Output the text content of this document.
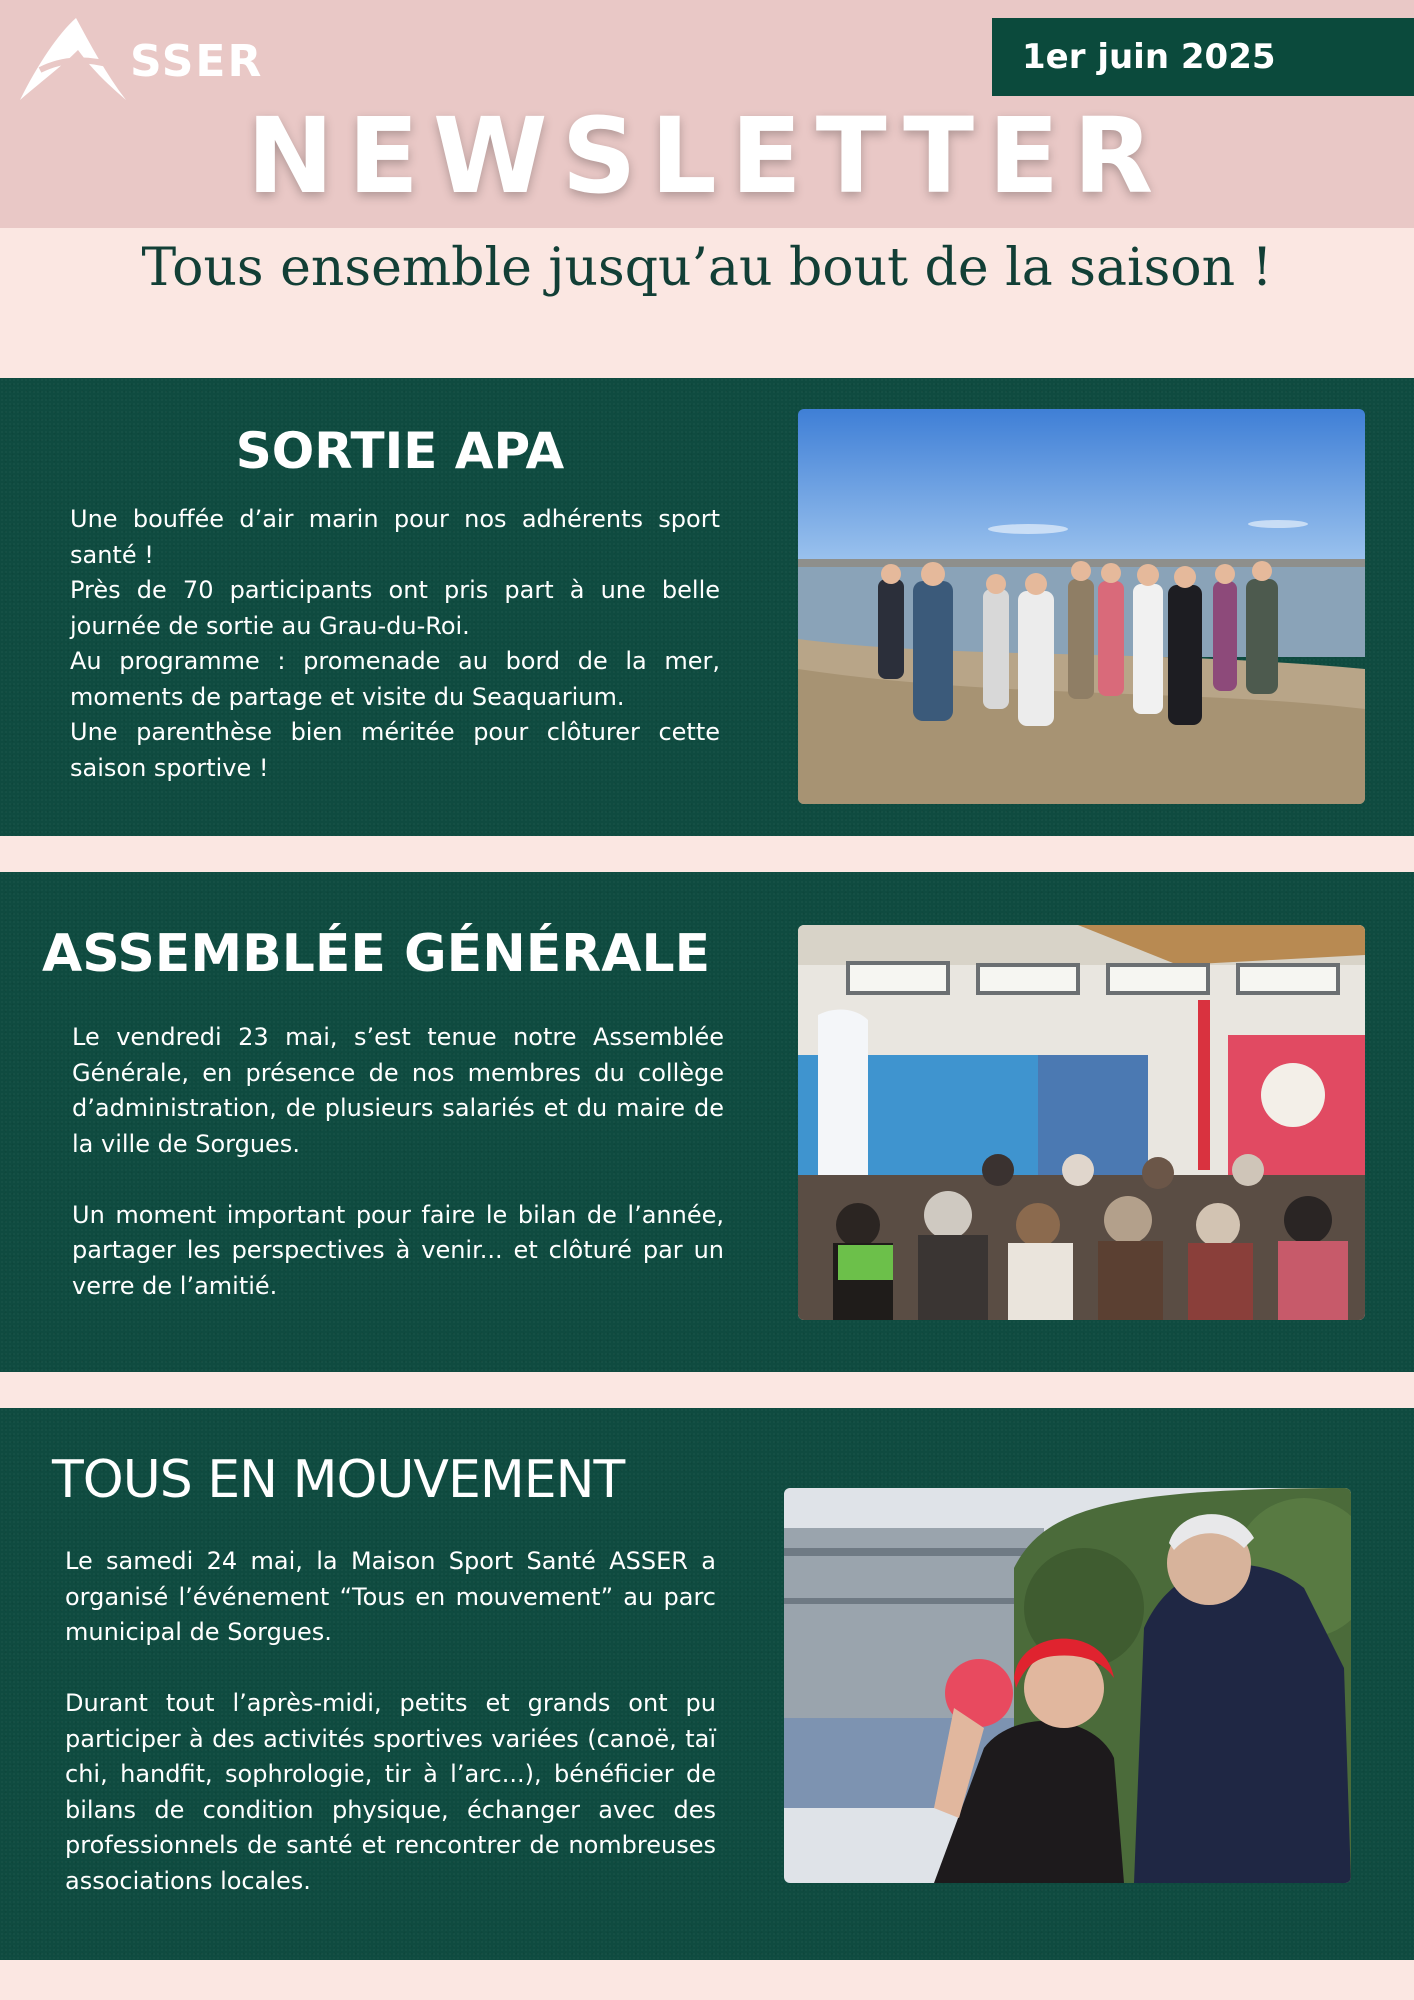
SSER	1er juin 2025
NEWSLETTER
Tous ensemble jusqu’au bout de la saison !
SORTIE APA

Une bouffée d’air marin pour nos adhérents sport santé !

Près de 70 participants ont pris part à une belle journée de sortie au Grau-du-Roi.

Au programme : promenade au bord de la mer, moments de partage et visite du Seaquarium.

Une parenthèse bien méritée pour clôturer cette saison sportive !

ASSEMBLÉE GÉNÉRALE

Le vendredi 23 mai, s’est tenue notre Assemblée Générale, en présence de nos membres du collège d’administration, de plusieurs salariés et du maire de la ville de Sorgues.

Un moment important pour faire le bilan de l’année, partager les perspectives à venir... et clôturé par un verre de l’amitié.

TOUS EN MOUVEMENT

Le samedi 24 mai, la Maison Sport Santé ASSER a organisé l’événement “Tous en mouvement” au parc municipal de Sorgues.

Durant tout l’après-midi, petits et grands ont pu participer à des activités sportives variées (canoë, taï chi, handfit, sophrologie, tir à l’arc...), bénéficier de bilans de condition physique, échanger avec des professionnels de santé et rencontrer de nombreuses associations locales.
